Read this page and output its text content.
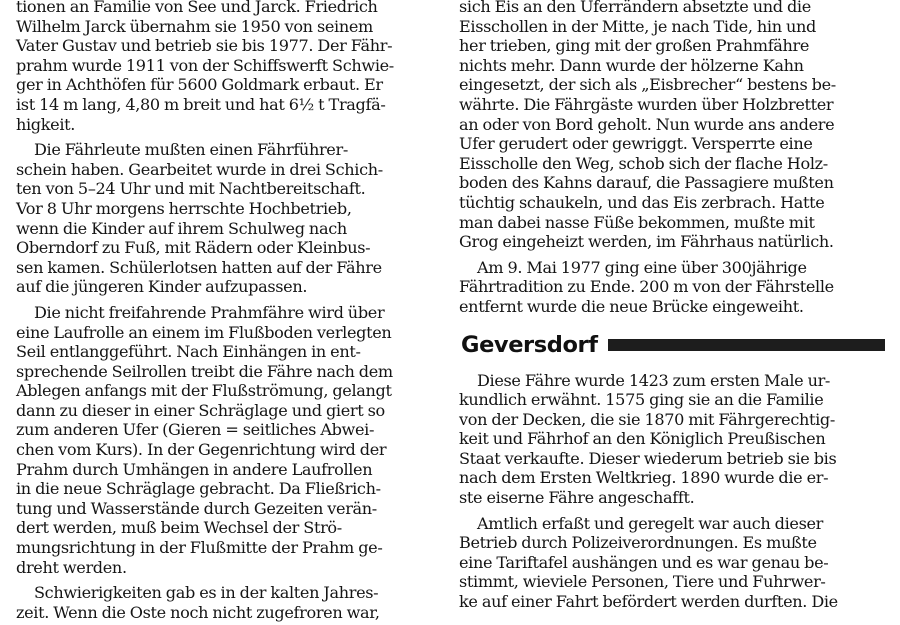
tionen an Familie von See und Jarck. Friedrich
Wilhelm Jarck übernahm sie 1950 von seinem
Vater Gustav und betrieb sie bis 1977. Der Fähr-
prahm wurde 1911 von der Schiffswerft Schwie-
ger in Achthöfen für 5600 Goldmark erbaut. Er
ist 14 m lang, 4,80 m breit und hat 6½ t Tragfä-
higkeit.
Die Fährleute mußten einen Fährführer-
schein haben. Gearbeitet wurde in drei Schich-
ten von 5–24 Uhr und mit Nachtbereitschaft.
Vor 8 Uhr morgens herrschte Hochbetrieb,
wenn die Kinder auf ihrem Schulweg nach
Oberndorf zu Fuß, mit Rädern oder Kleinbus-
sen kamen. Schülerlotsen hatten auf der Fähre
auf die jüngeren Kinder aufzupassen.
Die nicht freifahrende Prahmfähre wird über
eine Laufrolle an einem im Flußboden verlegten
Seil entlanggeführt. Nach Einhängen in ent-
sprechende Seilrollen treibt die Fähre nach dem
Ablegen anfangs mit der Flußströmung, gelangt
dann zu dieser in einer Schräglage und giert so
zum anderen Ufer (Gieren = seitliches Abwei-
chen vom Kurs). In der Gegenrichtung wird der
Prahm durch Umhängen in andere Laufrollen
in die neue Schräglage gebracht. Da Fließrich-
tung und Wasserstände durch Gezeiten verän-
dert werden, muß beim Wechsel der Strö-
mungsrichtung in der Flußmitte der Prahm ge-
dreht werden.
Schwierigkeiten gab es in der kalten Jahres-
zeit. Wenn die Oste noch nicht zugefroren war,
sich Eis an den Uferrändern absetzte und die
Eisschollen in der Mitte, je nach Tide, hin und
her trieben, ging mit der großen Prahmfähre
nichts mehr. Dann wurde der hölzerne Kahn
eingesetzt, der sich als „Eisbrecher“ bestens be-
währte. Die Fährgäste wurden über Holzbretter
an oder von Bord geholt. Nun wurde ans andere
Ufer gerudert oder gewriggt. Versperrte eine
Eisscholle den Weg, schob sich der flache Holz-
boden des Kahns darauf, die Passagiere mußten
tüchtig schaukeln, und das Eis zerbrach. Hatte
man dabei nasse Füße bekommen, mußte mit
Grog eingeheizt werden, im Fährhaus natürlich.
Am 9. Mai 1977 ging eine über 300jährige
Fährtradition zu Ende. 200 m von der Fährstelle
entfernt wurde die neue Brücke eingeweiht.
Geversdorf
Diese Fähre wurde 1423 zum ersten Male ur-
kundlich erwähnt. 1575 ging sie an die Familie
von der Decken, die sie 1870 mit Fährgerechtig-
keit und Fährhof an den Königlich Preußischen
Staat verkaufte. Dieser wiederum betrieb sie bis
nach dem Ersten Weltkrieg. 1890 wurde die er-
ste eiserne Fähre angeschafft.
Amtlich erfaßt und geregelt war auch dieser
Betrieb durch Polizeiverordnungen. Es mußte
eine Tariftafel aushängen und es war genau be-
stimmt, wieviele Personen, Tiere und Fuhrwer-
ke auf einer Fahrt befördert werden durften. Die
